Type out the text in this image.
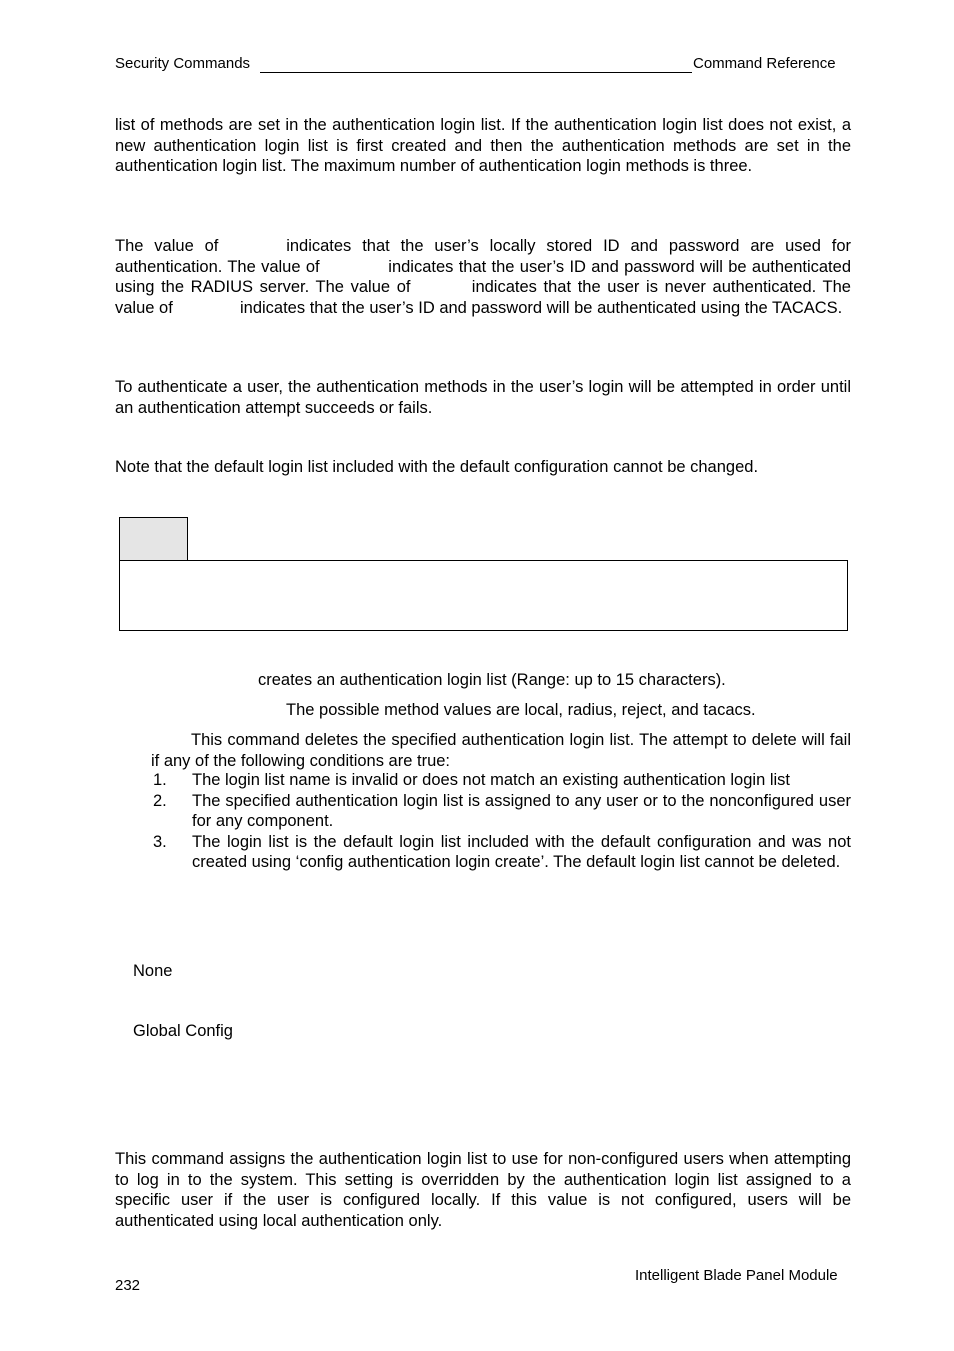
Security Commands	Command Reference
list of methods are set in the authentication login list. If the authentication login list does not exist, a new authentication login list is first created and then the authentication methods are set in the authentication login list. The maximum number of authentication login methods is three.
The value of	indicates that the user’s locally stored ID and password are used for authentication. The value of	indicates that the user’s ID and password will be authenticated using the RADIUS server. The value of	indicates that the user is never authenticated. The value of	indicates that the user’s ID and password will be authenticated using the TACACS.
To authenticate a user, the authentication methods in the user’s login will be attempted in order until an authentication attempt succeeds or fails.
Note that the default login list included with the default configuration cannot be changed.
creates an authentication login list (Range: up to 15 characters).
The possible method values are local, radius, reject, and tacacs.
This command deletes the specified authentication login list. The attempt to delete will fail if any of the following conditions are true:
1.	The login list name is invalid or does not match an existing authentication login list
2.	The specified authentication login list is assigned to any user or to the nonconfigured user for any component.
3.	The login list is the default login list included with the default configuration and was not created using ‘config authentication login create’. The default login list cannot be deleted.
None
Global Config
This command assigns the authentication login list to use for non-configured users when attempting to log in to the system. This setting is overridden by the authentication login list assigned to a specific user if the user is configured locally. If this value is not configured, users will be authenticated using local authentication only.
232
Intelligent Blade Panel Module
